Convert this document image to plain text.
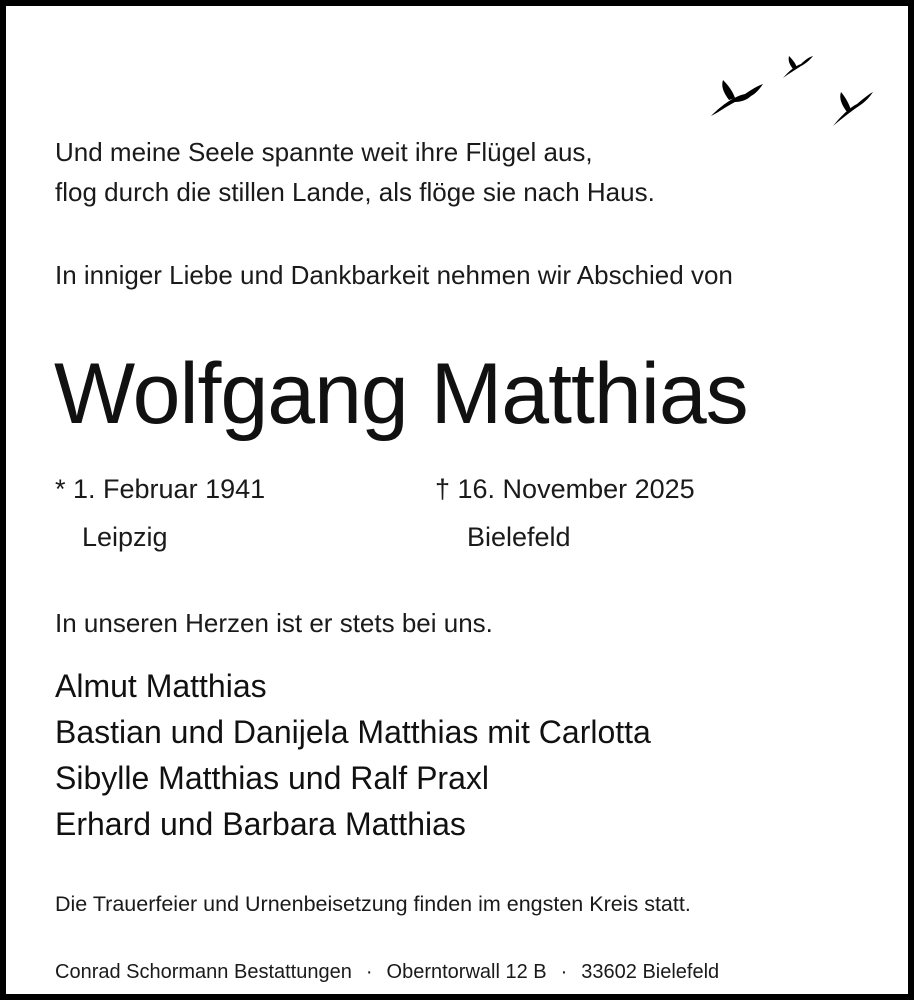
Und meine Seele spannte weit ihre Flügel aus,
flog durch die stillen Lande, als flöge sie nach Haus.
In inniger Liebe und Dankbarkeit nehmen wir Abschied von
Wolfgang Matthias
* 1. Februar 1941
Leipzig
† 16. November 2025
Bielefeld
In unseren Herzen ist er stets bei uns.
Almut Matthias
Bastian und Danijela Matthias mit Carlotta
Sibylle Matthias und Ralf Praxl
Erhard und Barbara Matthias
Die Trauerfeier und Urnenbeisetzung finden im engsten Kreis statt.
Conrad Schormann Bestattungen · Oberntorwall 12 B · 33602 Bielefeld
